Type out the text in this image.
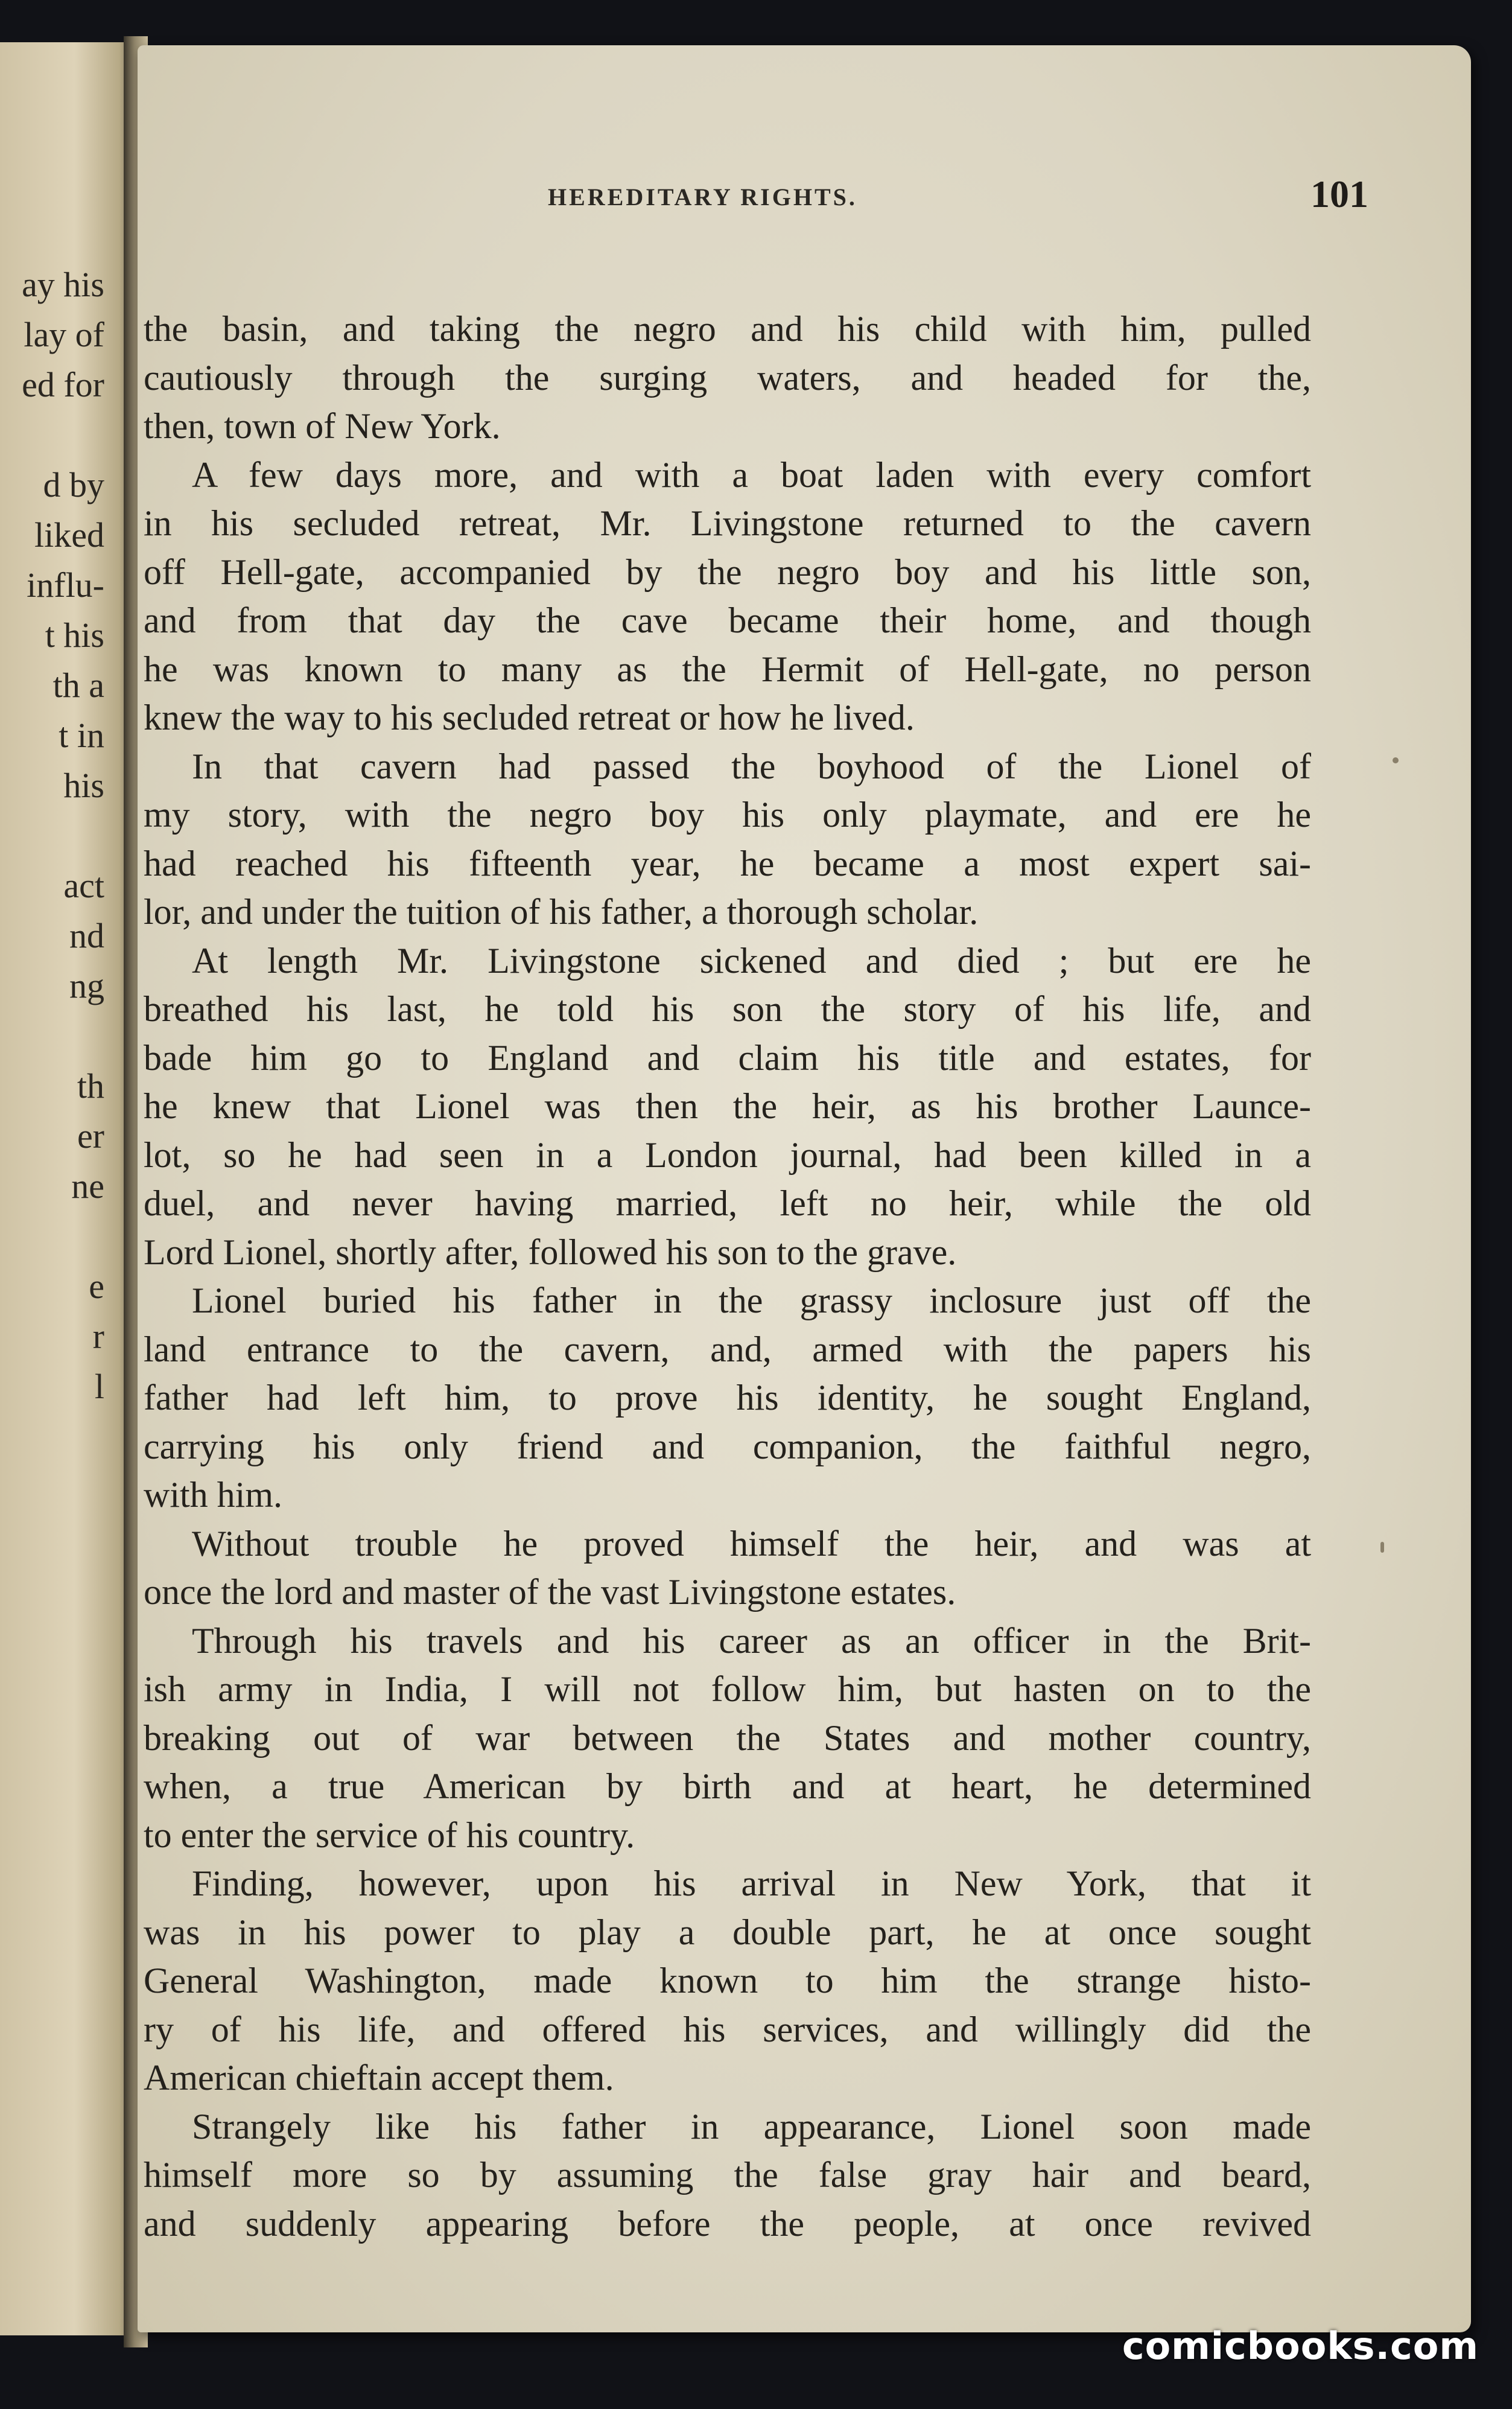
ay his
lay of
ed for
d by
liked
influ-
t his
th a
t in
his
act
nd
ng
th
er
ne
e
r
l
HEREDITARY RIGHTS.	101
the basin, and taking the negro and his child with him, pulled
cautiously through the surging waters, and headed for the,
then, town of New York.
A few days more, and with a boat laden with every comfort
in his secluded retreat, Mr. Livingstone returned to the cavern
off Hell-gate, accompanied by the negro boy and his little son,
and from that day the cave became their home, and though
he was known to many as the Hermit of Hell-gate, no person
knew the way to his secluded retreat or how he lived.
In that cavern had passed the boyhood of the Lionel of
my story, with the negro boy his only playmate, and ere he
had reached his fifteenth year, he became a most expert sai-
lor, and under the tuition of his father, a thorough scholar.
At length Mr. Livingstone sickened and died ; but ere he
breathed his last, he told his son the story of his life, and
bade him go to England and claim his title and estates, for
he knew that Lionel was then the heir, as his brother Launce-
lot, so he had seen in a London journal, had been killed in a
duel, and never having married, left no heir, while the old
Lord Lionel, shortly after, followed his son to the grave.
Lionel buried his father in the grassy inclosure just off the
land entrance to the cavern, and, armed with the papers his
father had left him, to prove his identity, he sought England,
carrying his only friend and companion, the faithful negro,
with him.
Without trouble he proved himself the heir, and was at
once the lord and master of the vast Livingstone estates.
Through his travels and his career as an officer in the Brit-
ish army in India, I will not follow him, but hasten on to the
breaking out of war between the States and mother country,
when, a true American by birth and at heart, he determined
to enter the service of his country.
Finding, however, upon his arrival in New York, that it
was in his power to play a double part, he at once sought
General Washington, made known to him the strange histo-
ry of his life, and offered his services, and willingly did the
American chieftain accept them.
Strangely like his father in appearance, Lionel soon made
himself more so by assuming the false gray hair and beard,
and suddenly appearing before the people, at once revived
comicbooks.com
